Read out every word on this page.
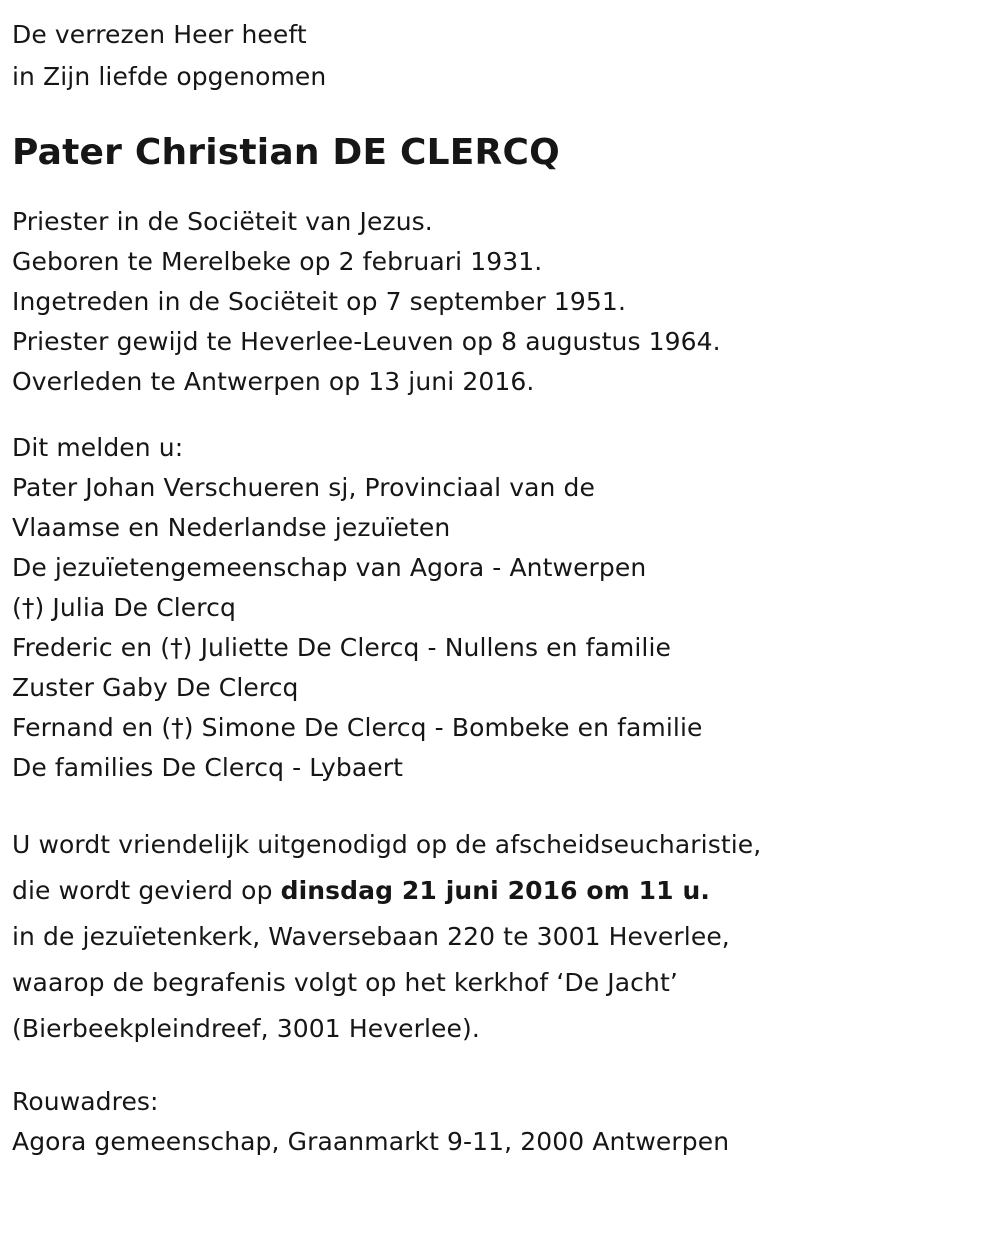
De verrezen Heer heeft
in Zijn liefde opgenomen
Pater Christian DE CLERCQ
Priester in de Sociëteit van Jezus.
Geboren te Merelbeke op 2 februari 1931.
Ingetreden in de Sociëteit op 7 september 1951.
Priester gewijd te Heverlee-Leuven op 8 augustus 1964.
Overleden te Antwerpen op 13 juni 2016.
Dit melden u:
Pater Johan Verschueren sj, Provinciaal van de
Vlaamse en Nederlandse jezuïeten
De jezuïetengemeenschap van Agora - Antwerpen
(†) Julia De Clercq
Frederic en (†) Juliette De Clercq - Nullens en familie
Zuster Gaby De Clercq
Fernand en (†) Simone De Clercq - Bombeke en familie
De families De Clercq - Lybaert
U wordt vriendelijk uitgenodigd op de afscheidseucharistie,
die wordt gevierd op dinsdag 21 juni 2016 om 11 u.
in de jezuïetenkerk, Waversebaan 220 te 3001 Heverlee,
waarop de begrafenis volgt op het kerkhof ‘De Jacht’
(Bierbeekpleindreef, 3001 Heverlee).
Rouwadres:
Agora gemeenschap, Graanmarkt 9-11, 2000 Antwerpen
